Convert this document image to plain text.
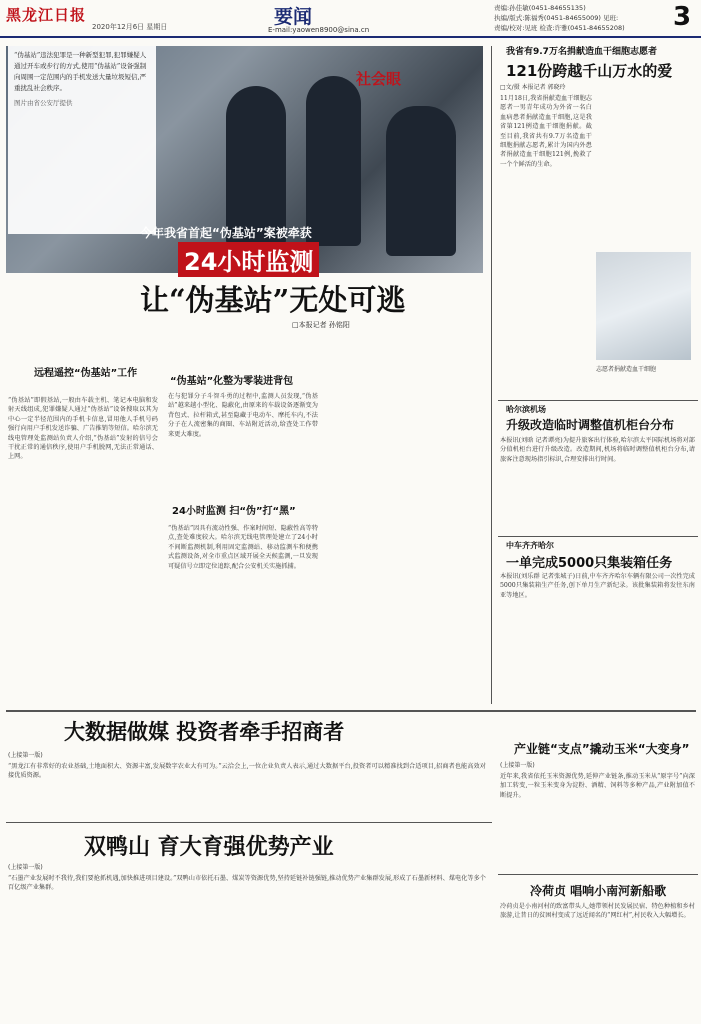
黑龙江日报
2020年12月6日 星期日	要闻
E-mail:yaowen8900@sina.cn
责编:孙佳敏(0451-84655135)
执编/版式:陈福秀(0451-84655009) 见班:
责编/校对:见班 检查:许雅(0451-84655208)	3
“伪基站”违法犯罪是一种新型犯罪,犯罪嫌疑人通过开车或步行的方式,使用“伪基站”设备强制向周围一定范围内的手机发送大量垃圾短信,严重扰乱社会秩序。
图片由省公安厅提供
社会眼
今年我省首起“伪基站”案被牵获
24小时监测
让“伪基站”无处可逃
□本报记者 孙铭阳
远程遥控“伪基站”工作
“伪基站”即假基站,一般由车载主机、笔记本电脑和发射天线组成,犯罪嫌疑人通过“伪基站”设备搜取以其为中心一定半径范围内的手机卡信息,冒用他人手机号码强行向用户手机发送诈骗、广告推销等短信。哈尔滨无线电管理处监测站负责人介绍,“伪基站”发射的信号会干扰正常的通信秩序,使用户手机脱网,无法正常通话、上网。
“伪基站”化整为零装进背包
在与犯罪分子斗智斗勇的过程中,监测人员发现,“伪基站”越来越小型化、隐蔽化,由原来的车载设备逐渐变为背包式、拉杆箱式,甚至隐藏于电动车、摩托车内,不法分子在人流密集的商圈、车站附近活动,给查处工作带来更大难度。
24小时监测 扫“伪”打“黑”
“伪基站”因具有流动性强、作案时间短、隐蔽性高等特点,查处难度较大。哈尔滨无线电管理处建立了24小时不间断监测机制,利用固定监测站、移动监测车和便携式监测设备,对全市重点区域开展全天候监测,一旦发现可疑信号立即定位追踪,配合公安机关实施抓捕。
我省有9.7万名捐献造血干细胞志愿者
121份跨越千山万水的爱
□文/摄 本报记者 郭晓玲
11月18日,我省捐献造血干细胞志愿者一男青年成功为外省一名白血病患者捐献造血干细胞,这是我省第121例造血干细胞捐献。截至目前,我省共有9.7万名造血干细胞捐献志愿者,累计为国内外患者捐献造血干细胞121例,挽救了一个个鲜活的生命。
志愿者捐献造血干细胞
哈尔滨机场
升级改造临时调整值机柜台分布
本报讯(刘晗 记者谭亮)为提升旅客出行体验,哈尔滨太平国际机场将对部分值机柜台进行升级改造。改造期间,机场将临时调整值机柜台分布,请旅客注意现场指引标识,合理安排出行时间。
中车齐齐哈尔
一单完成5000只集装箱任务
本报讯(刘乐群 记者张城子)日前,中车齐齐哈尔车辆有限公司一次性完成5000只集装箱生产任务,创下单月生产新纪录。该批集装箱将发往东南亚等地区。
大数据做媒 投资者牵手招商者
(上接第一版)
“黑龙江有非常好的农业基础,土地面积大、资源丰富,发展数字农业大有可为。”云洽会上,一位企业负责人表示,通过大数据平台,投资者可以精准找到合适项目,招商者也能高效对接优质资源。
产业链“支点”撬动玉米“大变身”
(上接第一版)
近年来,我省依托玉米资源优势,延伸产业链条,推动玉米从“原字号”向深加工转变,一粒玉米变身为淀粉、酒精、饲料等多种产品,产业附加值不断提升。
双鸭山 育大育强优势产业
(上接第一版)
“石墨产业发展时不我待,我们要抢抓机遇,加快推进项目建设。”双鸭山市依托石墨、煤炭等资源优势,坚持延链补链强链,推动优势产业集群发展,形成了石墨新材料、煤电化等多个百亿级产业集群。	冷荷贞 唱响小南河新船歌
冷荷贞是小南河村的致富带头人,她带领村民发展民宿、特色种植和乡村旅游,让昔日的贫困村变成了远近闻名的“网红村”,村民收入大幅增长。
